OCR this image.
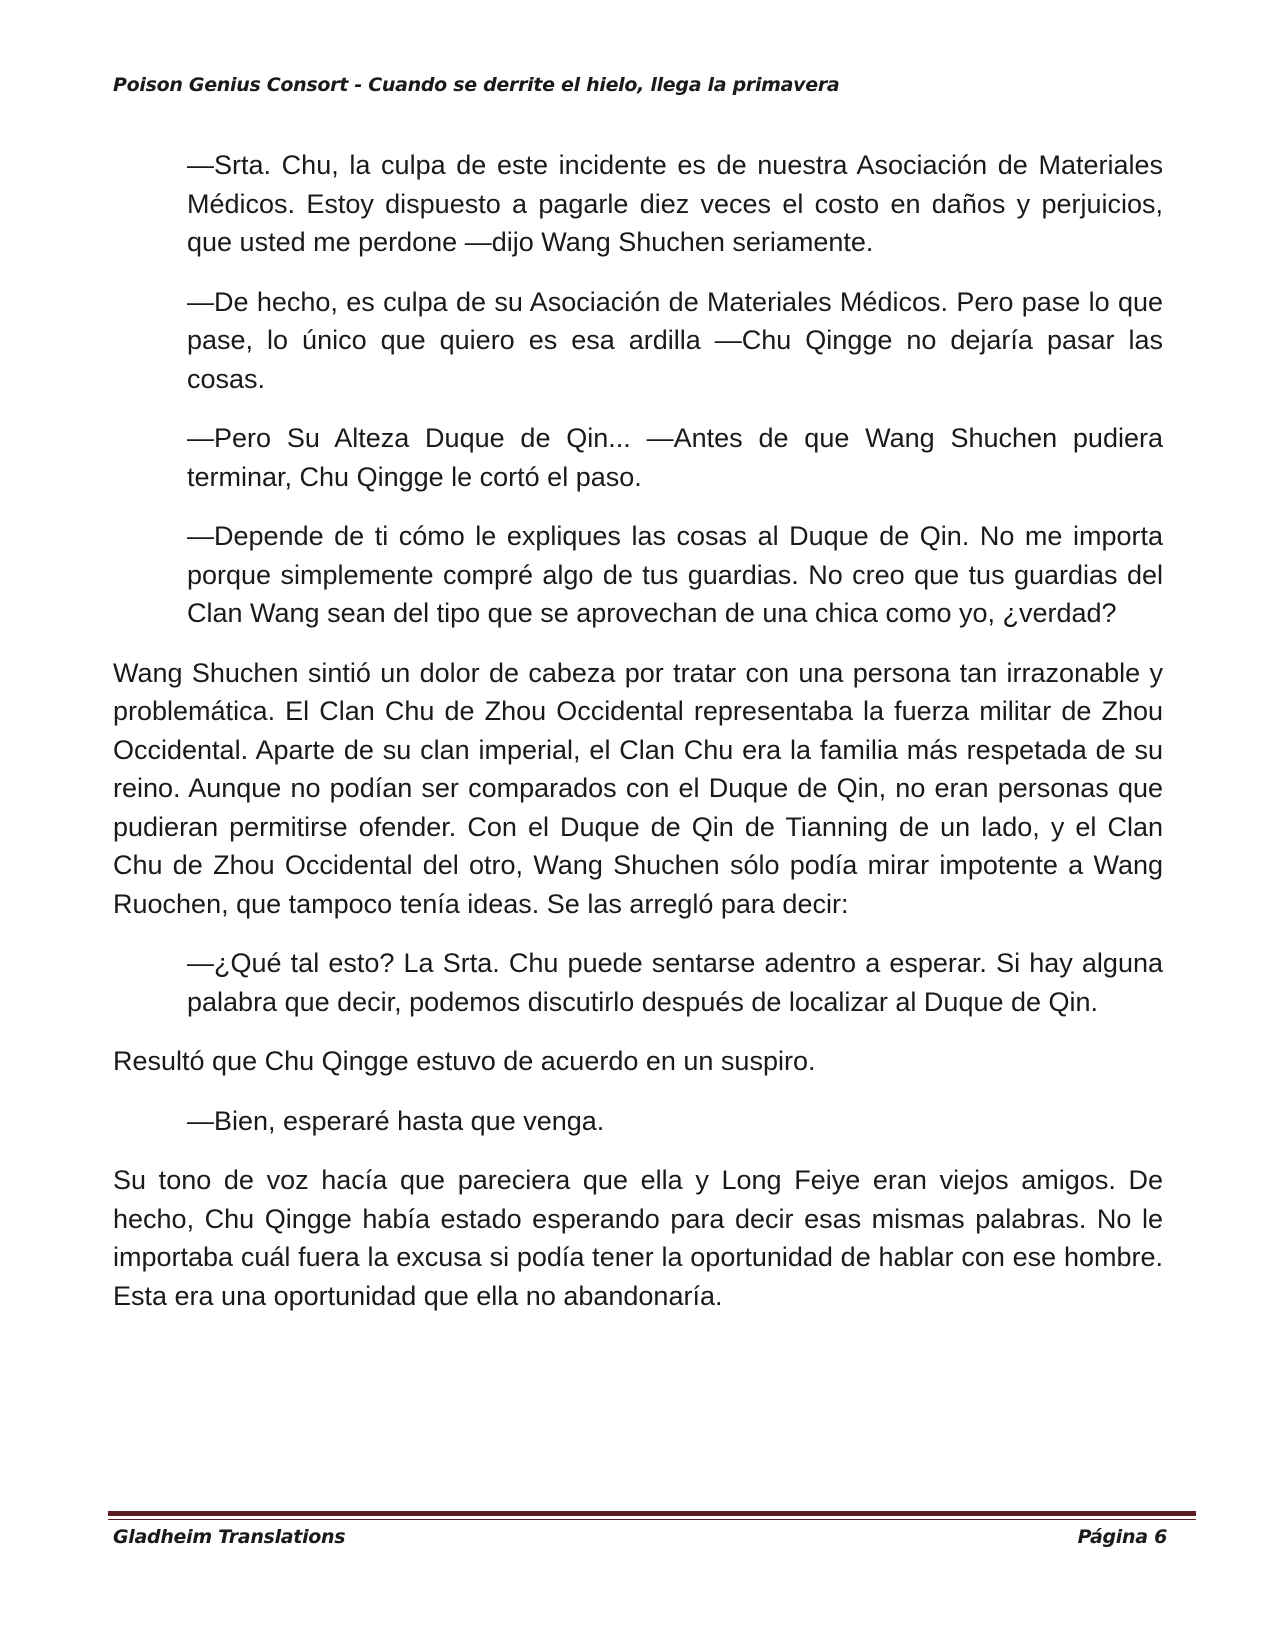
Poison Genius Consort - Cuando se derrite el hielo, llega la primavera

—Srta. Chu, la culpa de este incidente es de nuestra Asociación de Materiales Médicos. Estoy dispuesto a pagarle diez veces el costo en daños y perjuicios, que usted me perdone —dijo Wang Shuchen seriamente.

—De hecho, es culpa de su Asociación de Materiales Médicos. Pero pase lo que pase, lo único que quiero es esa ardilla —Chu Qingge no dejaría pasar las cosas.

—Pero Su Alteza Duque de Qin... —Antes de que Wang Shuchen pudiera terminar, Chu Qingge le cortó el paso.

—Depende de ti cómo le expliques las cosas al Duque de Qin. No me importa porque simplemente compré algo de tus guardias. No creo que tus guardias del Clan Wang sean del tipo que se aprovechan de una chica como yo, ¿verdad?

Wang Shuchen sintió un dolor de cabeza por tratar con una persona tan irrazonable y problemática. El Clan Chu de Zhou Occidental representaba la fuerza militar de Zhou Occidental. Aparte de su clan imperial, el Clan Chu era la familia más respetada de su reino. Aunque no podían ser comparados con el Duque de Qin, no eran personas que pudieran permitirse ofender. Con el Duque de Qin de Tianning de un lado, y el Clan Chu de Zhou Occidental del otro, Wang Shuchen sólo podía mirar impotente a Wang Ruochen, que tampoco tenía ideas. Se las arregló para decir:

—¿Qué tal esto? La Srta. Chu puede sentarse adentro a esperar. Si hay alguna palabra que decir, podemos discutirlo después de localizar al Duque de Qin.

Resultó que Chu Qingge estuvo de acuerdo en un suspiro.

—Bien, esperaré hasta que venga.

Su tono de voz hacía que pareciera que ella y Long Feiye eran viejos amigos. De hecho, Chu Qingge había estado esperando para decir esas mismas palabras. No le importaba cuál fuera la excusa si podía tener la oportunidad de hablar con ese hombre. Esta era una oportunidad que ella no abandonaría.

Gladheim Translations	Página 6
